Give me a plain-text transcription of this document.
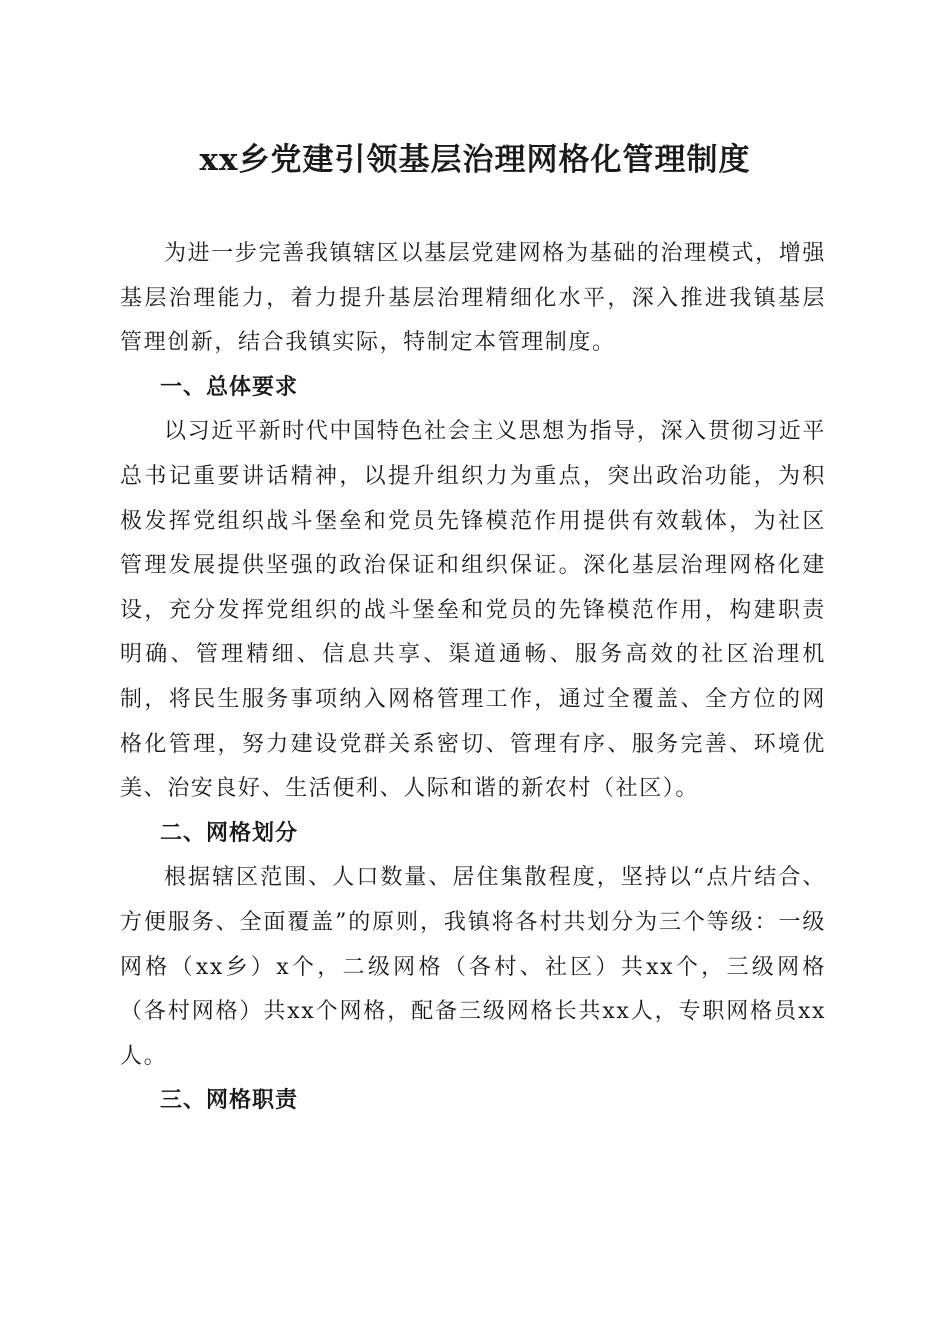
xx乡党建引领基层治理网格化管理制度

为进一步完善我镇辖区以基层党建网格为基础的治理模式，增强基层治理能力，着力提升基层治理精细化水平，深入推进我镇基层管理创新，结合我镇实际，特制定本管理制度。

一、总体要求

以习近平新时代中国特色社会主义思想为指导，深入贯彻习近平总书记重要讲话精神，以提升组织力为重点，突出政治功能，为积极发挥党组织战斗堡垒和党员先锋模范作用提供有效载体，为社区管理发展提供坚强的政治保证和组织保证。深化基层治理网格化建设，充分发挥党组织的战斗堡垒和党员的先锋模范作用，构建职责明确、管理精细、信息共享、渠道通畅、服务高效的社区治理机制，将民生服务事项纳入网格管理工作，通过全覆盖、全方位的网格化管理，努力建设党群关系密切、管理有序、服务完善、环境优美、治安良好、生活便利、人际和谐的新农村（社区）。

二、网格划分

根据辖区范围、人口数量、居住集散程度，坚持以“点片结合、方便服务、全面覆盖”的原则，我镇将各村共划分为三个等级：一级网格（xx乡）x个，二级网格（各村、社区）共xx个，三级网格（各村网格）共xx个网格，配备三级网格长共xx人，专职网格员xx人。

三、网格职责
